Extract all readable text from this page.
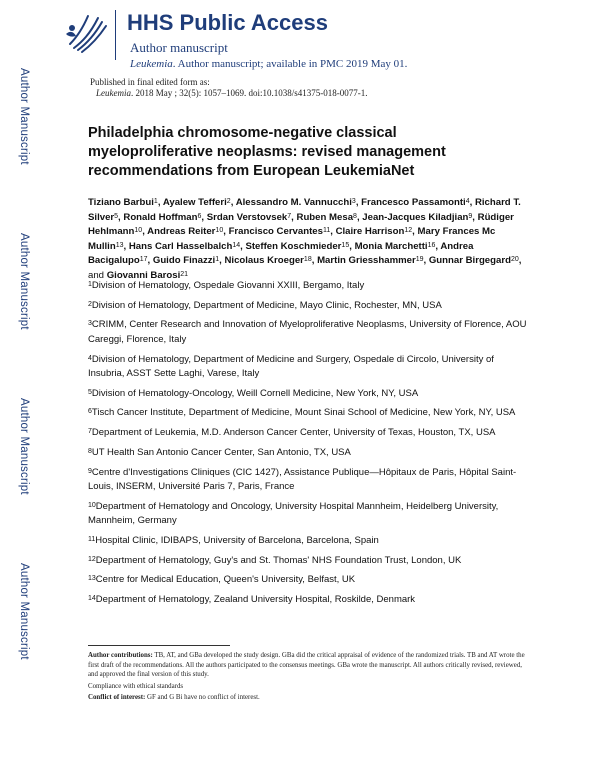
Author Manuscript
Author Manuscript
Author Manuscript
Author Manuscript
HHS Public Access
Author manuscript
Leukemia. Author manuscript; available in PMC 2019 May 01.
Published in final edited form as:
Leukemia. 2018 May ; 32(5): 1057–1069. doi:10.1038/s41375-018-0077-1.
Philadelphia chromosome-negative classical myeloproliferative neoplasms: revised management recommendations from European LeukemiaNet
Tiziano Barbui$^1$, Ayalew Tefferi$^2$, Alessandro M. Vannucchi$^3$, Francesco Passamonti$^4$, Richard T. Silver$^5$, Ronald Hoffman$^6$, Srdan Verstovsek$^7$, Ruben Mesa$^8$, Jean-Jacques Kiladjian$^9$, Rüdiger Hehlmann$^{10}$, Andreas Reiter$^{10}$, Francisco Cervantes$^{11}$, Claire Harrison$^{12}$, Mary Frances Mc Mullin$^{13}$, Hans Carl Hasselbalch$^{14}$, Steffen Koschmieder$^{15}$, Monia Marchetti$^{16}$, Andrea Bacigalupo$^{17}$, Guido Finazzi$^1$, Nicolaus Kroeger$^{18}$, Martin Griesshammer$^{19}$, Gunnar Birgegard$^{20}$, and Giovanni Barosi$^{21}$
$^1$Division of Hematology, Ospedale Giovanni XXIII, Bergamo, Italy
$^2$Division of Hematology, Department of Medicine, Mayo Clinic, Rochester, MN, USA
$^3$CRIMM, Center Research and Innovation of Myeloproliferative Neoplasms, University of Florence, AOU Careggi, Florence, Italy
$^4$Division of Hematology, Department of Medicine and Surgery, Ospedale di Circolo, University of Insubria, ASST Sette Laghi, Varese, Italy
$^5$Division of Hematology-Oncology, Weill Cornell Medicine, New York, NY, USA
$^6$Tisch Cancer Institute, Department of Medicine, Mount Sinai School of Medicine, New York, NY, USA
$^7$Department of Leukemia, M.D. Anderson Cancer Center, University of Texas, Houston, TX, USA
$^8$UT Health San Antonio Cancer Center, San Antonio, TX, USA
$^9$Centre d'Investigations Cliniques (CIC 1427), Assistance Publique—Hôpitaux de Paris, Hôpital Saint-Louis, INSERM, Université Paris 7, Paris, France
$^{10}$Department of Hematology and Oncology, University Hospital Mannheim, Heidelberg University, Mannheim, Germany
$^{11}$Hospital Clinic, IDIBAPS, University of Barcelona, Barcelona, Spain
$^{12}$Department of Hematology, Guy's and St. Thomas' NHS Foundation Trust, London, UK
$^{13}$Centre for Medical Education, Queen's University, Belfast, UK
$^{14}$Department of Hematology, Zealand University Hospital, Roskilde, Denmark
Author contributions: TB, AT, and GBa developed the study design. GBa did the critical appraisal of evidence of the randomized trials. TB and AT wrote the first draft of the recommendations. All the authors participated to the consensus meetings. GBa wrote the manuscript. All authors critically revised, reviewed, and approved the final version of this study.
Compliance with ethical standards
Conflict of interest: GF and G Bi have no conflict of interest.
